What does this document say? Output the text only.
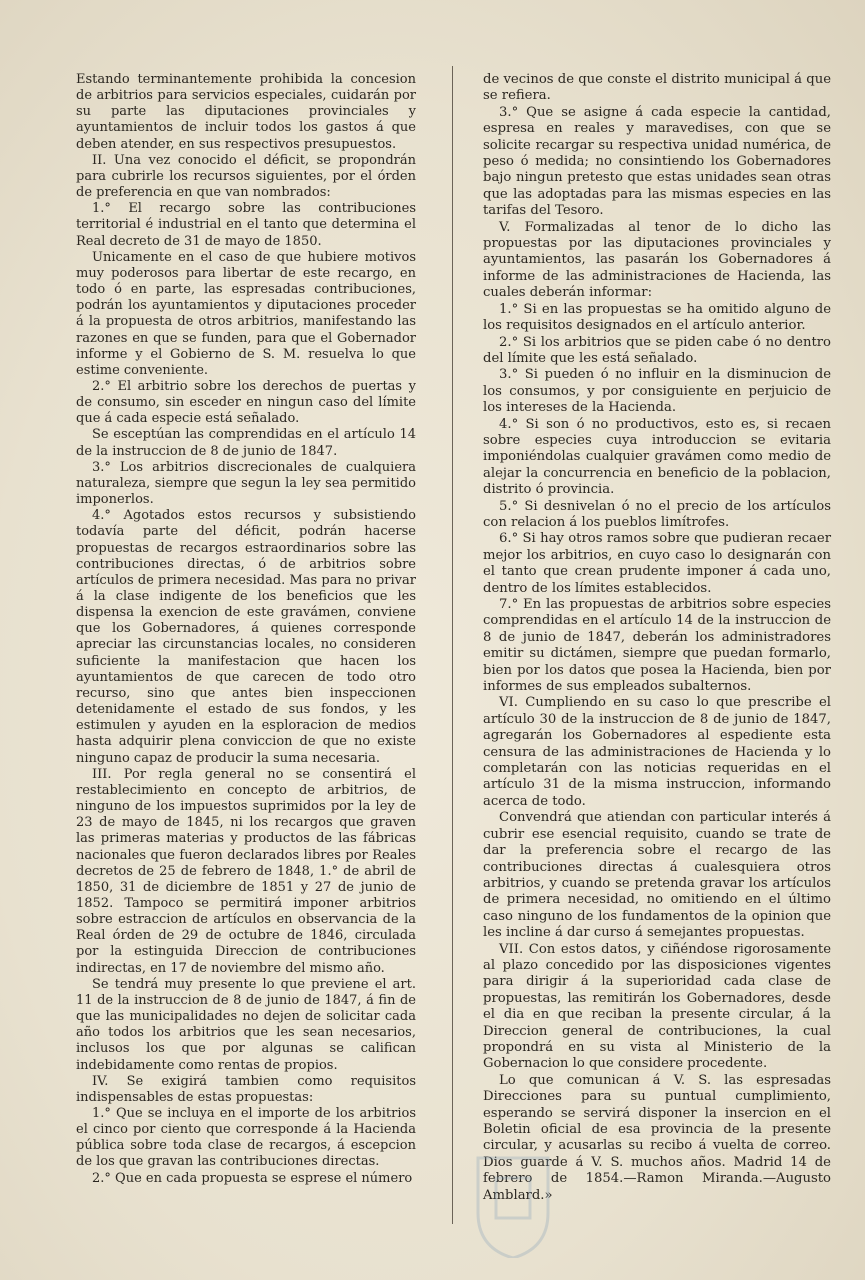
Estando terminantemente prohibida la concesion de arbitrios para servicios especiales, cuidarán por su parte las diputaciones provinciales y ayuntamientos de incluir todos los gastos á que deben atender, en sus respectivos presupuestos.

II. Una vez conocido el déficit, se propondrán para cubrirle los recursos siguientes, por el órden de preferencia en que van nombrados:

1.° El recargo sobre las contribuciones territorial é industrial en el tanto que determina el Real decreto de 31 de mayo de 1850.

Unicamente en el caso de que hubiere motivos muy poderosos para libertar de este recargo, en todo ó en parte, las espresadas contribuciones, podrán los ayuntamientos y diputaciones proceder á la propuesta de otros arbitrios, manifestando las razones en que se funden, para que el Gobernador informe y el Gobierno de S. M. resuelva lo que estime conveniente.

2.° El arbitrio sobre los derechos de puertas y de consumo, sin esceder en ningun caso del límite que á cada especie está señalado.

Se esceptúan las comprendidas en el artículo 14 de la instruccion de 8 de junio de 1847.

3.° Los arbitrios discrecionales de cualquiera naturaleza, siempre que segun la ley sea permitido imponerlos.

4.° Agotados estos recursos y subsistiendo todavía parte del déficit, podrán hacerse propuestas de recargos estraordinarios sobre las contribuciones directas, ó de arbitrios sobre artículos de primera necesidad. Mas para no privar á la clase indigente de los beneficios que les dispensa la exencion de este gravámen, conviene que los Gobernadores, á quienes corresponde apreciar las circunstancias locales, no consideren suficiente la manifestacion que hacen los ayuntamientos de que carecen de todo otro recurso, sino que antes bien inspeccionen detenidamente el estado de sus fondos, y les estimulen y ayuden en la esploracion de medios hasta adquirir plena conviccion de que no existe ninguno capaz de producir la suma necesaria.

III. Por regla general no se consentirá el restablecimiento en concepto de arbitrios, de ninguno de los impuestos suprimidos por la ley de 23 de mayo de 1845, ni los recargos que graven las primeras materias y productos de las fábricas nacionales que fueron declarados libres por Reales decretos de 25 de febrero de 1848, 1.° de abril de 1850, 31 de diciembre de 1851 y 27 de junio de 1852. Tampoco se permitirá imponer arbitrios sobre estraccion de artículos en observancia de la Real órden de 29 de octubre de 1846, circulada por la estinguida Direccion de contribuciones indirectas, en 17 de noviembre del mismo año.

Se tendrá muy presente lo que previene el art. 11 de la instruccion de 8 de junio de 1847, á fin de que las municipalidades no dejen de solicitar cada año todos los arbitrios que les sean necesarios, inclusos los que por algunas se califican indebidamente como rentas de propios.

IV. Se exigirá tambien como requisitos indispensables de estas propuestas:

1.° Que se incluya en el importe de los arbitrios el cinco por ciento que corresponde á la Hacienda pública sobre toda clase de recargos, á escepcion de los que gravan las contribuciones directas.

2.° Que en cada propuesta se esprese el número

de vecinos de que conste el distrito municipal á que se refiera.

3.° Que se asigne á cada especie la cantidad, espresa en reales y maravedises, con que se solicite recargar su respectiva unidad numérica, de peso ó medida; no consintiendo los Gobernadores bajo ningun pretesto que estas unidades sean otras que las adoptadas para las mismas especies en las tarifas del Tesoro.

V. Formalizadas al tenor de lo dicho las propuestas por las diputaciones provinciales y ayuntamientos, las pasarán los Gobernadores á informe de las administraciones de Hacienda, las cuales deberán informar:

1.° Si en las propuestas se ha omitido alguno de los requisitos designados en el artículo anterior.

2.° Si los arbitrios que se piden cabe ó no dentro del límite que les está señalado.

3.° Si pueden ó no influir en la disminucion de los consumos, y por consiguiente en perjuicio de los intereses de la Hacienda.

4.° Si son ó no productivos, esto es, si recaen sobre especies cuya introduccion se evitaria imponiéndolas cualquier gravámen como medio de alejar la concurrencia en beneficio de la poblacion, distrito ó provincia.

5.° Si desnivelan ó no el precio de los artículos con relacion á los pueblos limítrofes.

6.° Si hay otros ramos sobre que pudieran recaer mejor los arbitrios, en cuyo caso lo designarán con el tanto que crean prudente imponer á cada uno, dentro de los límites establecidos.

7.° En las propuestas de arbitrios sobre especies comprendidas en el artículo 14 de la instruccion de 8 de junio de 1847, deberán los administradores emitir su dictámen, siempre que puedan formarlo, bien por los datos que posea la Hacienda, bien por informes de sus empleados subalternos.

VI. Cumpliendo en su caso lo que prescribe el artículo 30 de la instruccion de 8 de junio de 1847, agregarán los Gobernadores al espediente esta censura de las administraciones de Hacienda y lo completarán con las noticias requeridas en el artículo 31 de la misma instruccion, informando acerca de todo.

Convendrá que atiendan con particular interés á cubrir ese esencial requisito, cuando se trate de dar la preferencia sobre el recargo de las contribuciones directas á cualesquiera otros arbitrios, y cuando se pretenda gravar los artículos de primera necesidad, no omitiendo en el último caso ninguno de los fundamentos de la opinion que les incline á dar curso á semejantes propuestas.

VII. Con estos datos, y ciñéndose rigorosamente al plazo concedido por las disposiciones vigentes para dirigir á la superioridad cada clase de propuestas, las remitirán los Gobernadores, desde el dia en que reciban la presente circular, á la Direccion general de contribuciones, la cual propondrá en su vista al Ministerio de la Gobernacion lo que considere procedente.

Lo que comunican á V. S. las espresadas Direcciones para su puntual cumplimiento, esperando se servirá disponer la insercion en el Boletin oficial de esa provincia de la presente circular, y acusarlas su recibo á vuelta de correo. Dios guarde á V. S. muchos años. Madrid 14 de febrero de 1854.—Ramon Miranda.—Augusto Amblard.»
